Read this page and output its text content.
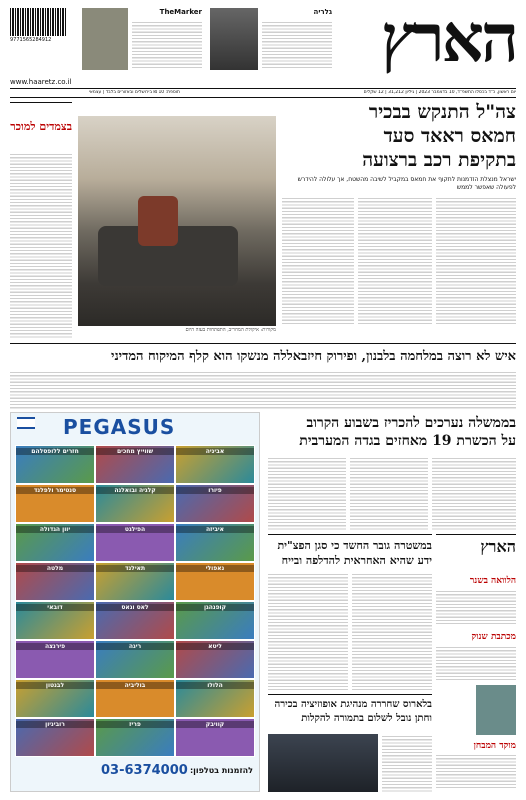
9771565284912
www.haaretz.co.il
TheMarker	גלריה הארץ
יום ראשון, כ"ד בכסלו התשפ"ד, 10 בדצמבר 2023 | גיליון 31,212 | 12 שקלים
תוספת: 10 ₪ בירושלים ובאזורים בלבד | עצמאי
בצמדים למוכר
מקורות: איקולת המחריב, התפתחות בעזה היום
צה"ל התנקש בבכיר
חמאס ראאד סעד
בתקיפת רכב ברצועה
ישראל מנצלת הזדמנות לתקוף את חמאס במקביל לשיבה מהשטח, אך עלולה להידרש לפעולה שאפשר לממש
איש לא רוצה במלחמה בלבנון, ופירוק חיזבאללה מנשקו הוא קלף המיקוח המדיני
PEGASUS
חזרים ללופסלהם	שווייץ מחכים	אביניה
סנטימר ולפלנד	קלגיה ובואלנה	פיורו
יוון הגדולה	הפילגט	איביזה
מלטה	תאילנד	נאפולי
דובאי	לאס וגאס	קופנהגן
פירנצה	ריגה	ליטא
לבנטון	בוליביה	הלולו
רוביניון	פריז	קוויבק
03-6374000 להזמנות בטלפון:
בממשלה נערכים להכריז בשבוע הקרוב
על הכשרת 19 מאחזים בגדה המערבית
הארץ
הלוואה בשנר
מכתבת שנוק
מוקד המבחן
במשטרה גובר החשד כי סגן הפצ"ית ידע שהיא האחראית להדלפה ובייח
בלארוס שחררה מנהיגת אופוזיציה בכירה וחתן נובל לשלום בתמורה להקלות
